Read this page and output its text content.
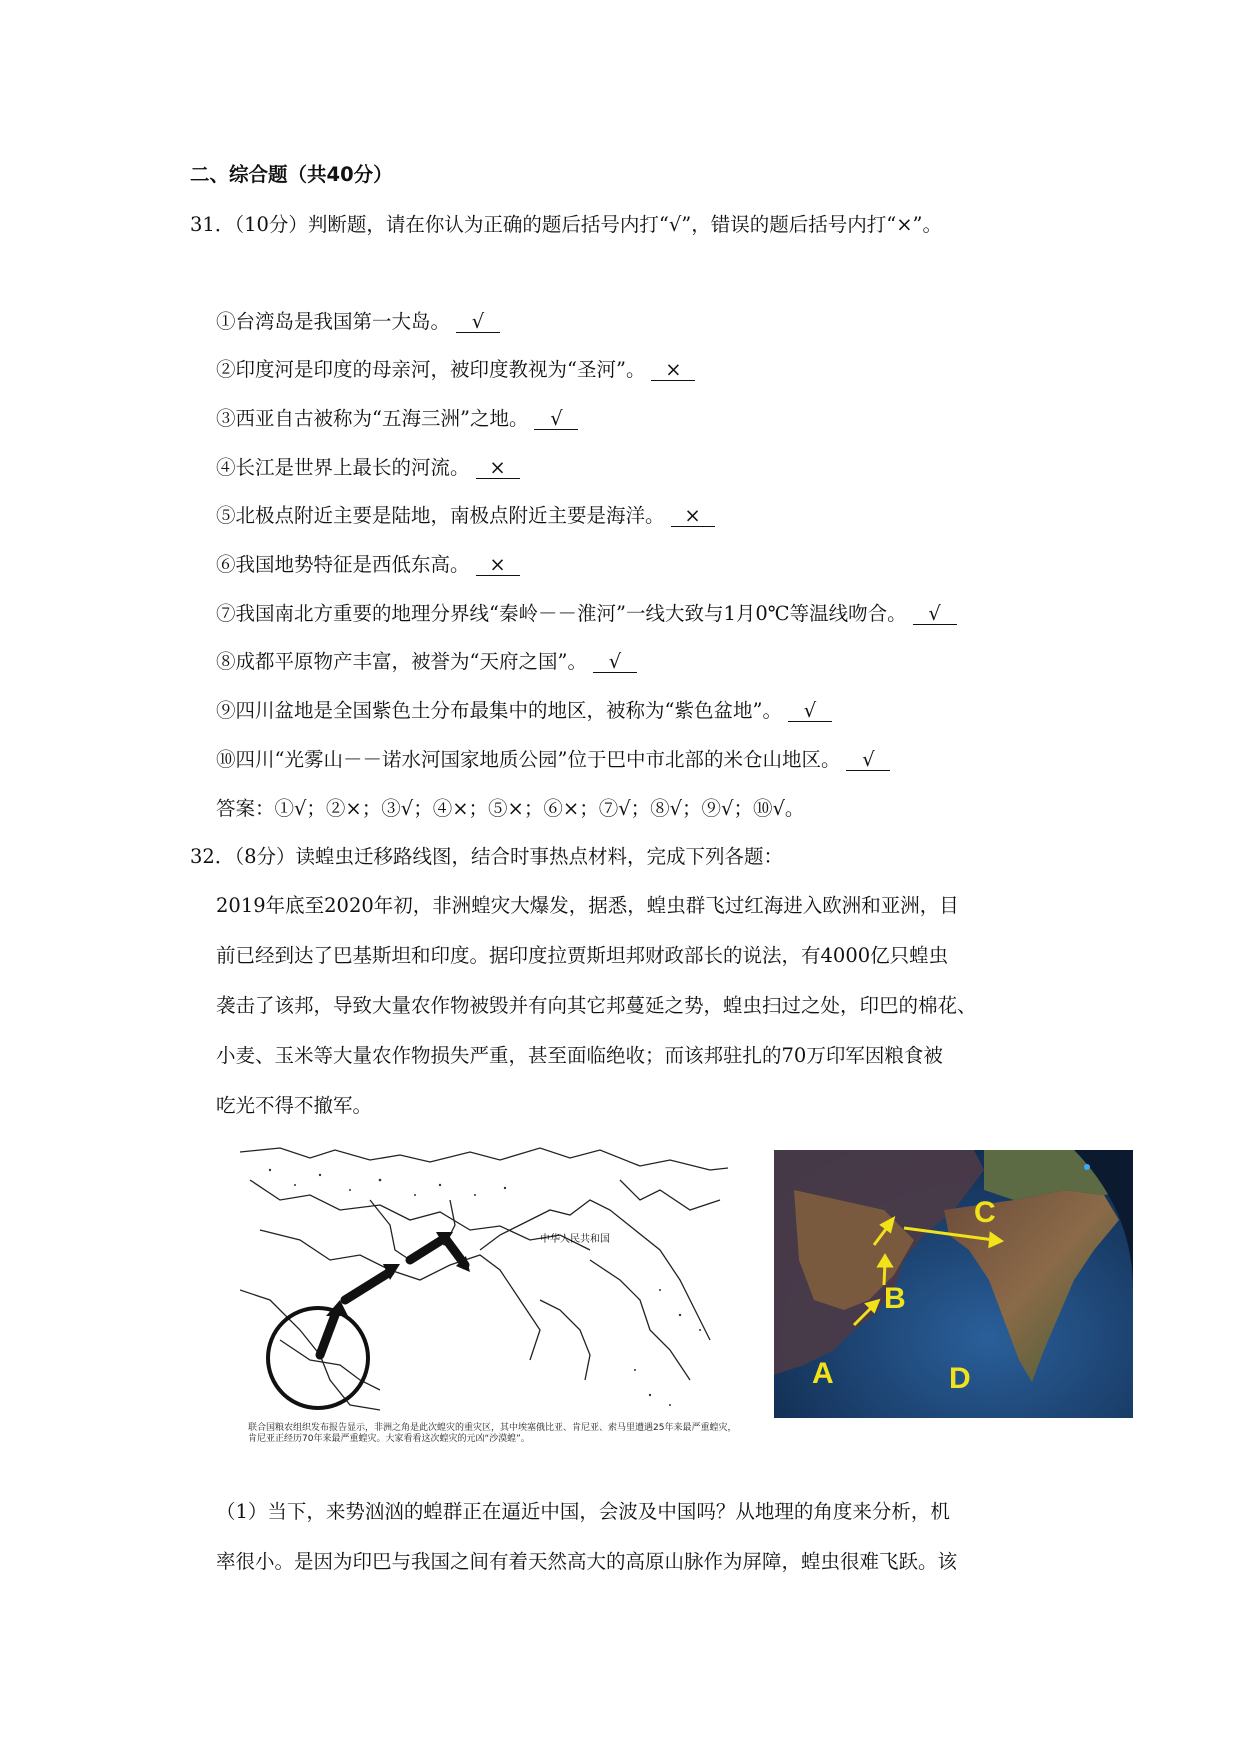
二、综合题（共40分）
31．（10分）判断题，请在你认为正确的题后括号内打“√”，错误的题后括号内打“×”。
①台湾岛是我国第一大岛。 √
②印度河是印度的母亲河，被印度教视为“圣河”。 ×
③西亚自古被称为“五海三洲”之地。 √
④长江是世界上最长的河流。 ×
⑤北极点附近主要是陆地，南极点附近主要是海洋。 ×
⑥我国地势特征是西低东高。 ×
⑦我国南北方重要的地理分界线“秦岭－－淮河”一线大致与1月0℃等温线吻合。 √
⑧成都平原物产丰富，被誉为“天府之国”。 √
⑨四川盆地是全国紫色土分布最集中的地区，被称为“紫色盆地”。 √
⑩四川“光雾山－－诺水河国家地质公园”位于巴中市北部的米仓山地区。 √
答案：①√；②×；③√；④×；⑤×；⑥×；⑦√；⑧√；⑨√；⑩√。
32．（8分）读蝗虫迁移路线图，结合时事热点材料，完成下列各题：
2019年底至2020年初，非洲蝗灾大爆发，据悉，蝗虫群飞过红海进入欧洲和亚洲，目
前已经到达了巴基斯坦和印度。据印度拉贾斯坦邦财政部长的说法，有4000亿只蝗虫
袭击了该邦，导致大量农作物被毁并有向其它邦蔓延之势，蝗虫扫过之处，印巴的棉花、
小麦、玉米等大量农作物损失严重，甚至面临绝收；而该邦驻扎的70万印军因粮食被
吃光不得不撤军。
中华人民共和国
联合国粮农组织发布报告显示，非洲之角是此次蝗灾的重灾区，其中埃塞俄比亚、肯尼亚、索马里遭遇25年来最严重蝗灾，肯尼亚正经历70年来最严重蝗灾。大家看看这次蝗灾的元凶“沙漠蝗”。
A
B
C
D
（1）当下，来势汹汹的蝗群正在逼近中国，会波及中国吗？从地理的角度来分析，机
率很小。是因为印巴与我国之间有着天然高大的高原山脉作为屏障，蝗虫很难飞跃。该
